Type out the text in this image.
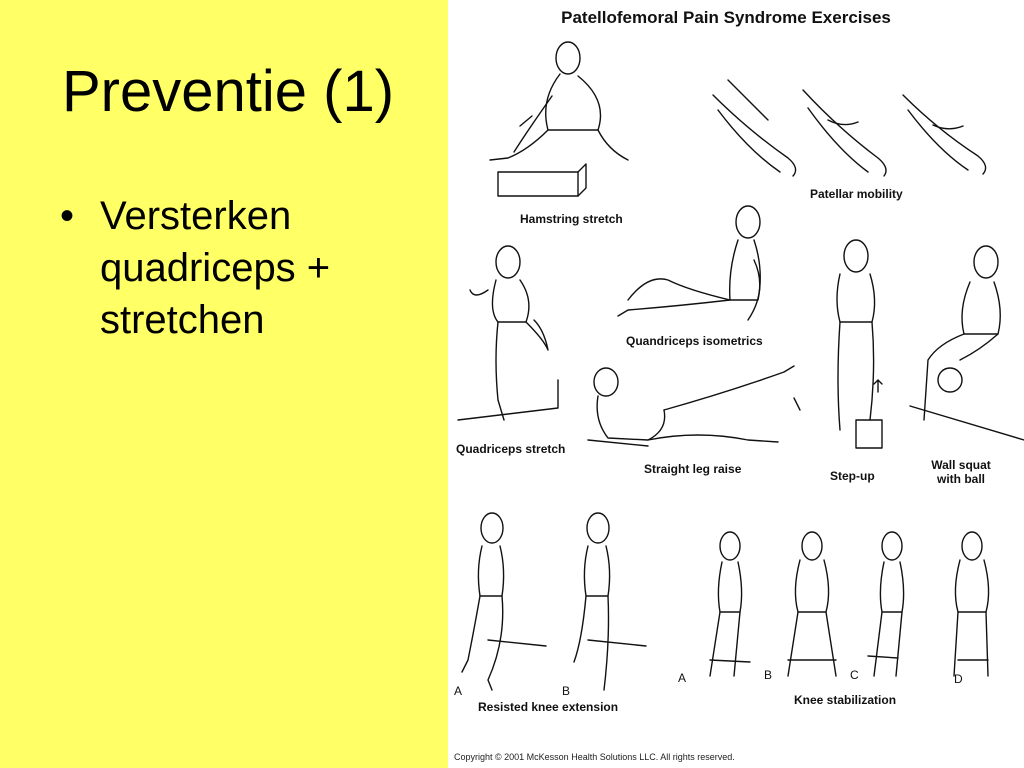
Preventie (1)
• Versterken quadriceps + stretchen
Patellofemoral Pain Syndrome Exercises
Hamstring stretch
Patellar mobility
Quandriceps isometrics
Quadriceps stretch
Straight leg raise	Step-up
Wall squat
with ball
Resisted knee extension	Knee stabilization
A	B
A	B	C	D
Copyright © 2001 McKesson Health Solutions LLC. All rights reserved.
